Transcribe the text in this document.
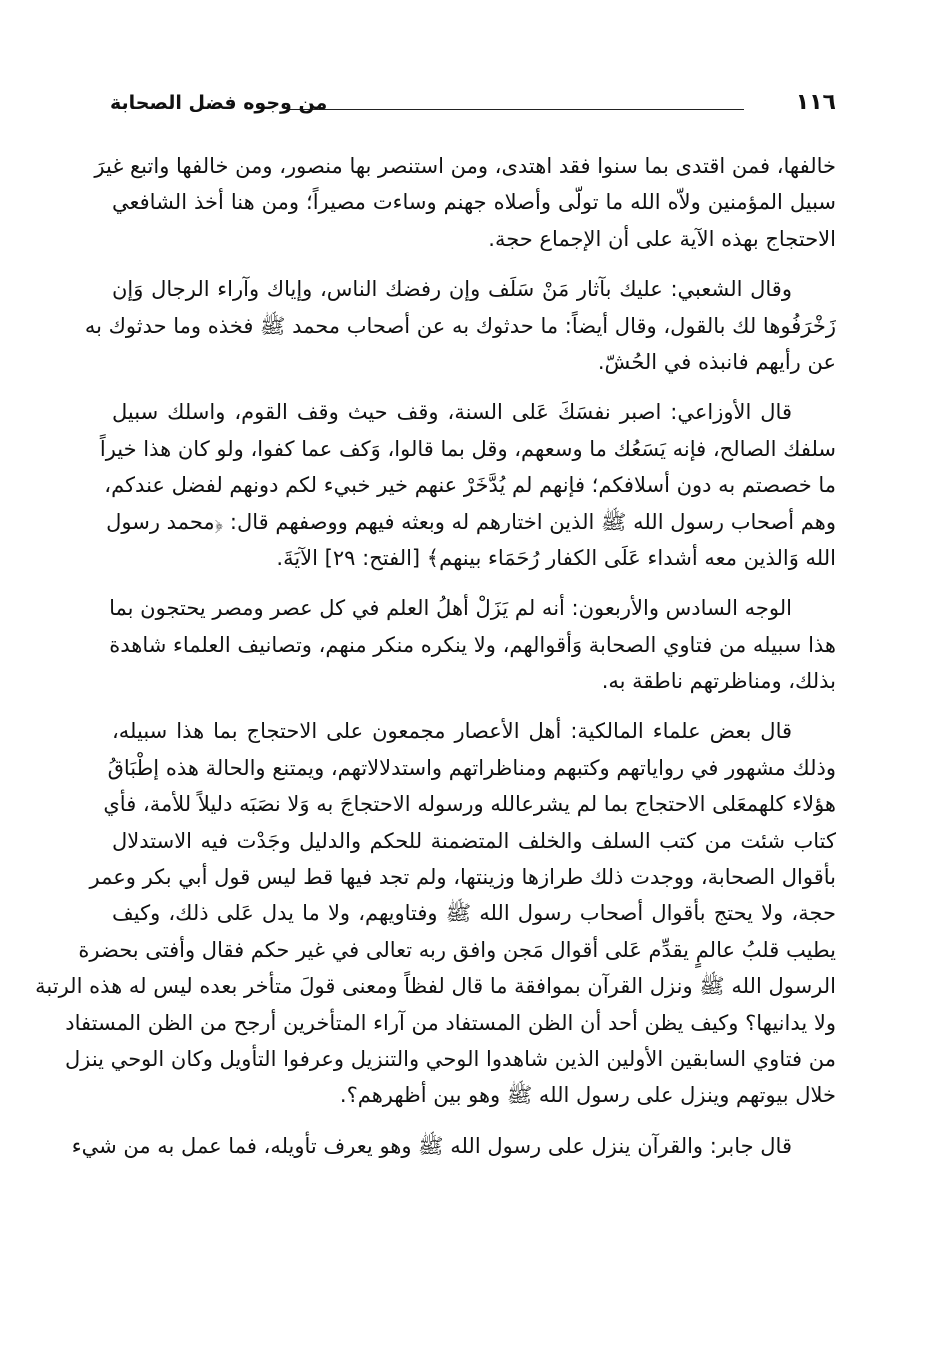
١١٦
من وجوه فضل الصحابة
خالفها، فمن اقتدى بما سنوا فقد اهتدى، ومن استنصر بها منصور، ومن خالفها واتبع غيرَ
سبيل المؤمنين ولاّه الله ما تولّى وأصلاه جهنم وساءت مصيراً؛ ومن هنا أخذ الشافعي
الاحتجاج بهذه الآية على أن الإجماع حجة.
وقال الشعبي: عليك بآثار مَنْ سَلَف وإن رفضك الناس، وإياك وآراء الرجال وَإن
زَخْرَفُوها لك بالقول، وقال أيضاً: ما حدثوك به عن أصحاب محمد ﷺ فخذه وما حدثوك به
عن رأيهم فانبذه في الحُشّ.
قال الأوزاعي: اصبر نفسَكَ عَلى السنة، وقف حيث وقف القوم، واسلك سبيل
سلفك الصالح، فإنه يَسَعُك ما وسعهم، وقل بما قالوا، وَكف عما كفوا، ولو كان هذا خيراً
ما خصصتم به دون أسلافكم؛ فإنهم لم يُدَّخَرْ عنهم خير خبيء لكم دونهم لفضل عندكم،
وهم أصحاب رسول الله ﷺ الذين اختارهم له وبعثه فيهم ووصفهم قال: ﴿محمد رسول
الله وَالذين معه أشداء عَلَى الكفار رُحَمَاء بينهم﴾ [الفتح: ٢٩] الآيَةَ.
الوجه السادس والأربعون: أنه لم يَزَلْ أهلُ العلم في كل عصر ومصر يحتجون بما
هذا سبيله من فتاوي الصحابة وَأقوالهم، ولا ينكره منكر منهم، وتصانيف العلماء شاهدة
بذلك، ومناظرتهم ناطقة به.
قال بعض علماء المالكية: أهل الأعصار مجمعون على الاحتجاج بما هذا سبيله،
وذلك مشهور في رواياتهم وكتبهم ومناظراتهم واستدلالاتهم، ويمتنع والحالة هذه إطْبَاقُ
هؤلاء كلهمعَلى الاحتجاج بما لم يشرعالله ورسوله الاحتجاجَ به وَلا نصَبَه دليلاً للأمة، فأي
كتاب شئت من كتب السلف والخلف المتضمنة للحكم والدليل وجَدْت فيه الاستدلال
بأقوال الصحابة، ووجدت ذلك طرازها وزينتها، ولم تجد فيها قط ليس قول أبي بكر وعمر
حجة، ولا يحتج بأقوال أصحاب رسول الله ﷺ وفتاويهم، ولا ما يدل عَلى ذلك، وكيف
يطيب قلبُ عالمٍ يقدِّم عَلى أقوال مَجن وافق ربه تعالى في غير حكم فقال وأفتى بحضرة
الرسول الله ﷺ ونزل القرآن بموافقة ما قال لفظاً ومعنى قولَ متأخر بعده ليس له هذه الرتبة
ولا يدانيها؟ وكيف يظن أحد أن الظن المستفاد من آراء المتأخرين أرجح من الظن المستفاد
من فتاوي السابقين الأولين الذين شاهدوا الوحي والتنزيل وعرفوا التأويل وكان الوحي ينزل
خلال بيوتهم وينزل على رسول الله ﷺ وهو بين أظهرهم؟.
قال جابر: والقرآن ينزل على رسول الله ﷺ وهو يعرف تأويله، فما عمل به من شيء
